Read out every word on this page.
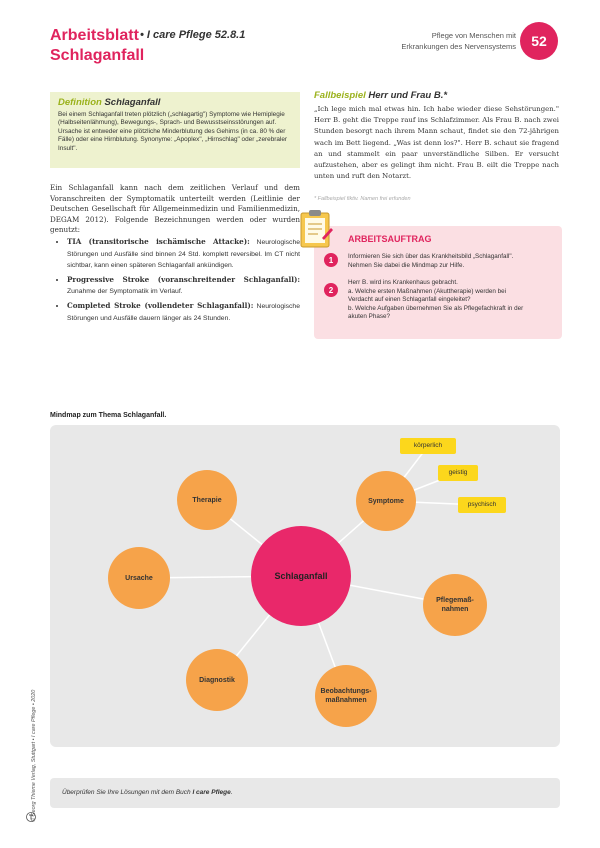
Arbeitsblatt • I care Pflege 52.8.1
Schlaganfall
Pflege von Menschen mit
Erkrankungen des Nervensystems	52
Definition Schlaganfall
Bei einem Schlaganfall treten plötzlich („schlagartig") Symptome wie Hemiplegie (Halbseitenlähmung), Bewegungs-, Sprach- und Bewusstseinsstörungen auf. Ursache ist entweder eine plötzliche Minderblutung des Gehirns (in ca. 80 % der Fälle) oder eine Hirnblutung. Synonyme: „Apoplex", „Hirnschlag" oder „zerebraler Insult".
Ein Schlaganfall kann nach dem zeitlichen Verlauf und dem Voranschreiten der Symptomatik unterteilt werden (Leitlinie der Deutschen Gesellschaft für Allgemeinmedizin und Familienmedizin, DEGAM 2012). Folgende Bezeichnungen werden oder wurden genutzt:
• TIA (transitorische ischämische Attacke): Neurologische Störungen und Ausfälle sind binnen 24 Std. komplett reversibel. Im CT nicht sichtbar, kann einen späteren Schlaganfall ankündigen.
• Progressive Stroke (voranschreitender Schlaganfall): Zunahme der Symptomatik im Verlauf.
• Completed Stroke (vollendeter Schlaganfall): Neurologische Störungen und Ausfälle dauern länger als 24 Stunden.
Fallbeispiel Herr und Frau B.*
„Ich lege mich mal etwas hin. Ich habe wieder diese Sehstörungen." Herr B. geht die Treppe rauf ins Schlafzimmer. Als Frau B. nach zwei Stunden besorgt nach ihrem Mann schaut, findet sie den 72-jährigen wach im Bett liegend. „Was ist denn los?". Herr B. schaut sie fragend an und stammelt ein paar unverständliche Silben. Er versucht aufzustehen, aber es gelingt ihm nicht. Frau B. eilt die Treppe nach unten und ruft den Notarzt.
* Fallbeispiel fiktiv. Namen frei erfunden
ARBEITSAUFTRAG
1	Informieren Sie sich über das Krankheitsbild „Schlaganfall".
Nehmen Sie dabei die Mindmap zur Hilfe.
2
Herr B. wird ins Krankenhaus gebracht.
a. Welche ersten Maßnahmen (Akuttherapie) werden bei
Verdacht auf einen Schlaganfall eingeleitet?
b. Welche Aufgaben übernehmen Sie als Pflegefachkraft in der
akuten Phase?
Mindmap zum Thema Schlaganfall.
Therapie	Symptome
Ursache
Pflegemaß-
nahmen
Diagnostik
Beobachtungs-
maßnahmen
Schlaganfall
körperlich
geistig
psychisch
Überprüfen Sie Ihre Lösungen mit dem Buch I care Pflege.
© Georg Thieme Verlag, Stuttgart • I care Pflege • 2020
